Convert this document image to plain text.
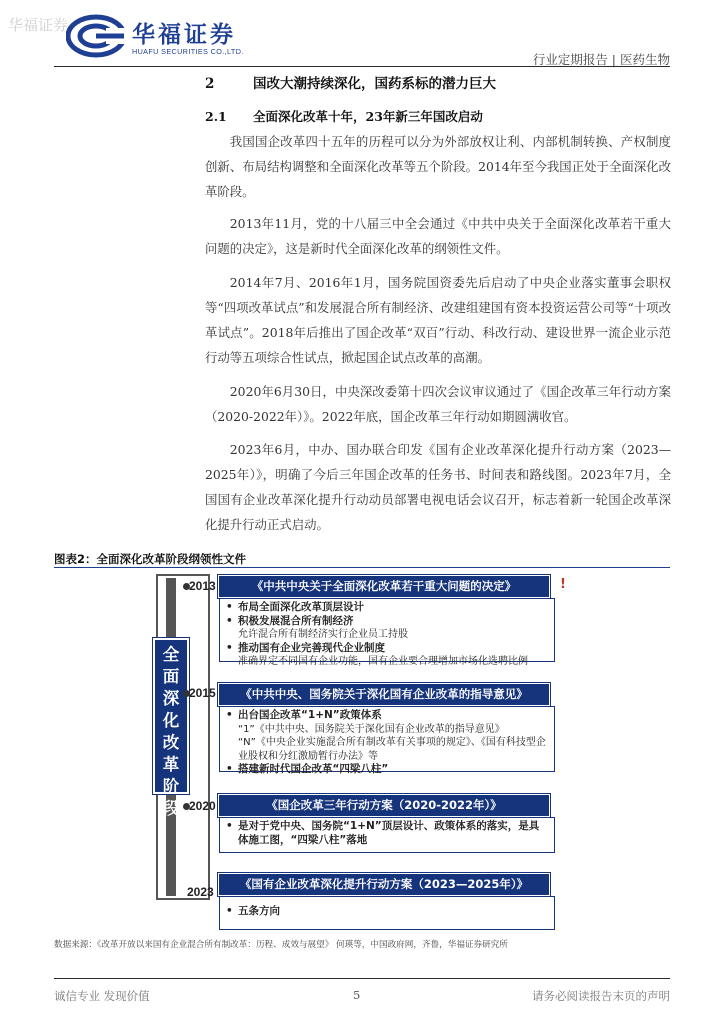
华福证券	华福证券
HUAFU SECURITIES CO.,LTD.
行业定期报告 | 医药生物
2	国改大潮持续深化，国药系标的潜力巨大
2.1 全面深化改革十年，23年新三年国改启动

我国国企改革四十五年的历程可以分为外部放权让利、内部机制转换、产权制度创新、布局结构调整和全面深化改革等五个阶段。2014年至今我国正处于全面深化改革阶段。

2013年11月，党的十八届三中全会通过《中共中央关于全面深化改革若干重大问题的决定》，这是新时代全面深化改革的纲领性文件。

2014年7月、2016年1月，国务院国资委先后启动了中央企业落实董事会职权等“四项改革试点”和发展混合所有制经济、改建组建国有资本投资运营公司等“十项改革试点”。2018年后推出了国企改革“双百”行动、科改行动、建设世界一流企业示范行动等五项综合性试点，掀起国企试点改革的高潮。

2020年6月30日，中央深改委第十四次会议审议通过了《国企改革三年行动方案（2020-2022年）》。2022年底，国企改革三年行动如期圆满收官。

2023年6月，中办、国办联合印发《国有企业改革深化提升行动方案（2023—2025年）》，明确了今后三年国企改革的任务书、时间表和路线图。2023年7月，全国国有企业改革深化提升行动动员部署电视电话会议召开，标志着新一轮国企改革深化提升行动正式启动。

图表2：全面深化改革阶段纲领性文件
全
面
深
化
改
革
阶
段
!
2013	《中共中央关于全面深化改革若干重大问题的决定》
• 布局全面深化改革顶层设计
• 积极发展混合所有制经济
允许混合所有制经济实行企业员工持股
• 推动国有企业完善现代企业制度
准确界定不同国有企业功能，国有企业要合理增加市场化选聘比例
2015	《中共中央、国务院关于深化国有企业改革的指导意见》
• 出台国企改革“1+N”政策体系
“1”《中共中央、国务院关于深化国有企业改革的指导意见》
“N”《中央企业实施混合所有制改革有关事项的规定》、《国有科技型企业股权和分红激励暂行办法》等
• 搭建新时代国企改革“四梁八柱”
2020	《国企改革三年行动方案（2020-2022年）》
• 是对于党中央、国务院“1+N”顶层设计、政策体系的落实，是具体施工图，“四梁八柱”落地
2023
《国有企业改革深化提升行动方案（2023—2025年）》
• 五条方向
数据来源：《改革开放以来国有企业混合所有制改革：历程、成效与展望》 何瑛等，中国政府网，齐鲁，华福证券研究所
诚信专业 发现价值	5	请务必阅读报告末页的声明
